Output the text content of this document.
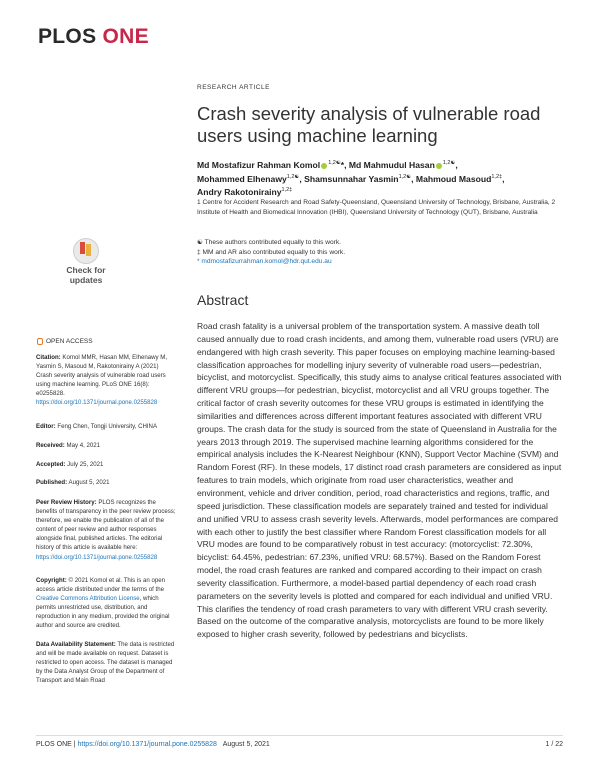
PLOS ONE
RESEARCH ARTICLE
Crash severity analysis of vulnerable road users using machine learning
Md Mostafizur Rahman Komol $^{1,2☯}$*, Md Mahmudul Hasan $^{1,2☯}$,
Mohammed Elhenawy$^{1,2☯}$, Shamsunnahar Yasmin$^{1,2☯}$, Mahmoud Masoud$^{1,2\ddagger}$,
Andry Rakotonirainy$^{1,2\ddagger}$
1 Centre for Accident Research and Road Safety-Queensland, Queensland University of Technology, Brisbane, Australia, 2 Institute of Health and Biomedical Innovation (IHBI), Queensland University of Technology (QUT), Brisbane, Australia
☯ These authors contributed equally to this work.
‡ MM and AR also contributed equally to this work.
* mdmostafizurrahman.komol@hdr.qut.edu.au
Check for
updates
OPEN ACCESS
Citation: Komol MMR, Hasan MM, Elhenawy M, Yasmin S, Masoud M, Rakotonirainy A (2021) Crash severity analysis of vulnerable road users using machine learning. PLoS ONE 16(8): e0255828. https://doi.org/10.1371/journal.pone.0255828
Editor: Feng Chen, Tongji University, CHINA
Received: May 4, 2021
Accepted: July 25, 2021
Published: August 5, 2021
Peer Review History: PLOS recognizes the benefits of transparency in the peer review process; therefore, we enable the publication of all of the content of peer review and author responses alongside final, published articles. The editorial history of this article is available here: https://doi.org/10.1371/journal.pone.0255828
Copyright: © 2021 Komol et al. This is an open access article distributed under the terms of the Creative Commons Attribution License, which permits unrestricted use, distribution, and reproduction in any medium, provided the original author and source are credited.
Data Availability Statement: The data is restricted and will be made available on request. Dataset is restricted to open access. The dataset is managed by the Data Analyst Group of the Department of Transport and Main Road
Abstract

Road crash fatality is a universal problem of the transportation system. A massive death toll caused annually due to road crash incidents, and among them, vulnerable road users (VRU) are endangered with high crash severity. This paper focuses on employing machine learning-based classification approaches for modelling injury severity of vulnerable road users—pedestrian, bicyclist, and motorcyclist. Specifically, this study aims to analyse critical features associated with different VRU groups—for pedestrian, bicyclist, motorcyclist and all VRU groups together. The critical factor of crash severity outcomes for these VRU groups is estimated in identifying the similarities and differences across different important features associated with different VRU groups. The crash data for the study is sourced from the state of Queensland in Australia for the years 2013 through 2019. The supervised machine learning algorithms considered for the empirical analysis includes the K-Nearest Neighbour (KNN), Support Vector Machine (SVM) and Random Forest (RF). In these models, 17 distinct road crash parameters are considered as input features to train models, which originate from road user characteristics, weather and environment, vehicle and driver condition, period, road characteristics and regions, traffic, and speed jurisdiction. These classification models are separately trained and tested for individual and unified VRU to assess crash severity levels. Afterwards, model performances are compared with each other to justify the best classifier where Random Forest classification models for all VRU modes are found to be comparatively robust in test accuracy: (motorcyclist: 72.30%, bicyclist: 64.45%, pedestrian: 67.23%, unified VRU: 68.57%). Based on the Random Forest model, the road crash features are ranked and compared according to their impact on crash severity classification. Furthermore, a model-based partial dependency of each road crash parameters on the severity levels is plotted and compared for each individual and unified VRU. This clarifies the tendency of road crash parameters to vary with different VRU crash severity. Based on the outcome of the comparative analysis, motorcyclists are found to be more likely exposed to higher crash severity, followed by pedestrians and bicyclists.

PLOS ONE | https://doi.org/10.1371/journal.pone.0255828 August 5, 2021	1 / 22
